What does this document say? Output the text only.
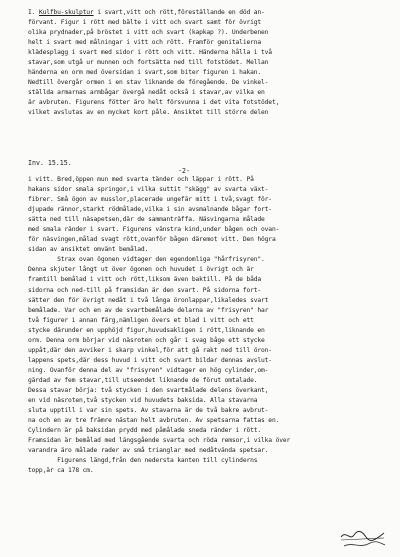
I. Kulfbu-skulptur i svart,vitt och rött,föreställande en död an-
förvant. Figur i rött med bälte i vitt och svart samt för övrigt
olika prydnader,på bröstet i vitt och svart (kapkap ?). Underbenen
helt i svart med målningar i vitt och rött. Framför genitalierna
klädesplagg i svart med sidor i rött och vitt. Händerna hålla i två
stavar,som utgå ur munnen och fortsätta ned till fotstödet. Mellan
händerna en orm med översidan i svart,som biter figuren i hakan.
Nedtill övergår ormen i en stav liknande de föregående. De vinkel-
ställda armarnas armbågar övergå nedåt också i stavar,av vilka en
är avbruten. Figurens fötter äro helt försvunna i det vita fotstödet,
vilket avslutas av en mycket kort påle. Ansiktet till större delen

Inv. 15.15.

-2-

i vitt. Bred,öppen mun med svarta tänder och läppar i rött. På
hakans sidor smala springor,i vilka suttit "skägg" av svarta växt-
fibrer. Små ögon av musslor,placerade ungefär mitt i två,svagt för-
djupade rännor,starkt rödmålade,vilka i sin avsmalnande bågar fort-
sätta ned till näsapetsen,där de sammanträffa. Näsvingarna målade
med smala ränder i svart. Figurens vänstra kind,under bågen och ovan-
för näsvingen,målad svagt rött,ovanför bågen däremot vitt. Den högra
sidan av ansiktet omvänt bemålad.
Strax ovan ögonen vidtager den egendomliga "hårfrisyren".
Denna skjuter långt ut över ögonen och huvudet i övrigt och är
framtill bemålad i vitt och rött,liksom även baktill. På de båda
sidorna och ned-till på framsidan är den svart. På sidorna fort-
sätter den för övrigt nedåt i två långa öronlappar,likaledes svart
bemålade. Var och en av de svartbemålade delarna av "frisyren" har
två figurer i annan färg,nämligen övers et blad i vitt och ett
stycke därunder en upphöjd figur,huvudsakligen i rött,liknande en
orm. Denna orm börjar vid näsroten och går i svag båge ett stycke
uppåt,där den avviker i skarp vinkel,för att gå rakt ned till öron-
lappens spets,där dess huvud i vitt och svart bildar dennas avslut-
ning. Ovanför denna del av "frisyren" vidtager en hög cylinder,om-
gärdad av fem stavar,till utseendet liknande de förut omtalade.
Dessa stavar börja: två stycken i den svartmålade delens överkant,
en vid näsroten,två stycken vid huvudets baksida. Alla stavarna
sluta upptill i var sin spets. Av stavarna är de två bakre avbrut-
na och en av tre främre nästan helt avbruten. Av spetsarna fattas en.
Cylindern är på baksidan prydd med påmålade sneda ränder i rött.
Framsidan är bemålad med längsgående svarta och röda remsor,i vilka över
varandra äro målade rader av små trianglar med nedåtvända spetsar.
Figurens längd,från den nedersta kanten till cylinderns
topp,är ca 178 cm.
